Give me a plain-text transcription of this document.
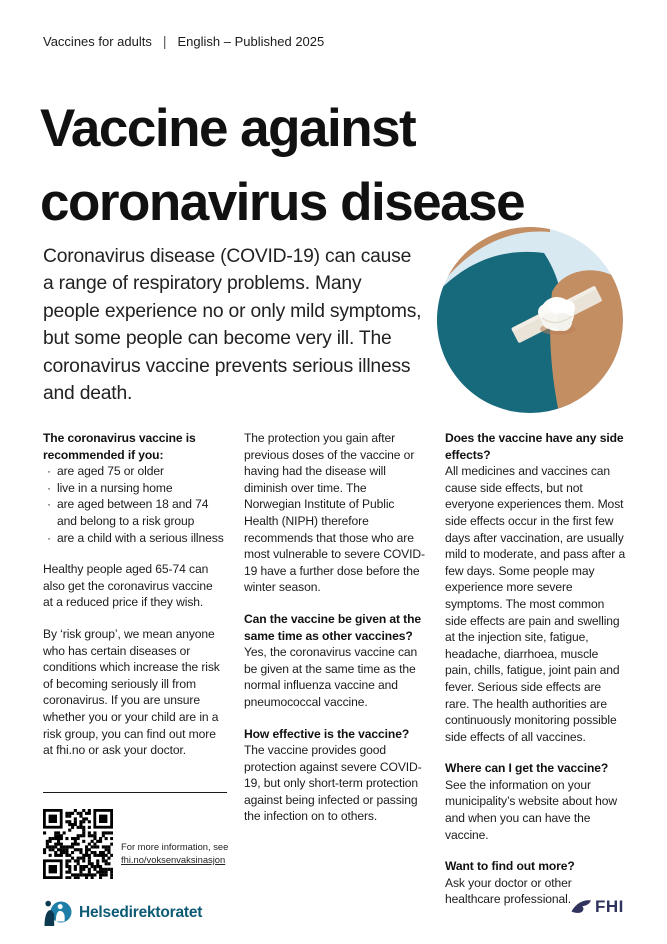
Vaccines for adults | English – Published 2025
Vaccine against
coronavirus disease

Coronavirus disease (COVID-19) can cause a range of respiratory problems. Many people experience no or only mild symptoms, but some people can become very ill. The coronavirus vaccine prevents serious illness and death.

The coronavirus vaccine is recommended if you:
· are aged 75 or older
· live in a nursing home
· are aged between 18 and 74 and belong to a risk group
· are a child with a serious illness

Healthy people aged 65-74 can also get the coronavirus vaccine at a reduced price if they wish.

By ‘risk group’, we mean anyone who has certain diseases or conditions which increase the risk of becoming seriously ill from coronavirus. If you are unsure whether you or your child are in a risk group, you can find out more at fhi.no or ask your doctor.

The protection you gain after previous doses of the vaccine or having had the disease will diminish over time. The Norwegian Institute of Public Health (NIPH) therefore recommends that those who are most vulnerable to severe COVID-19 have a further dose before the winter season.

Can the vaccine be given at the same time as other vaccines?

Yes, the coronavirus vaccine can be given at the same time as the normal influenza vaccine and pneumococcal vaccine.

How effective is the vaccine?

The vaccine provides good protection against severe COVID-19, but only short-term protection against being infected or passing the infection on to others.

Does the vaccine have any side effects?

All medicines and vaccines can cause side effects, but not everyone experiences them. Most side effects occur in the first few days after vaccination, are usually mild to moderate, and pass after a few days. Some people may experience more severe symptoms. The most common side effects are pain and swelling at the injection site, fatigue, headache, diarrhoea, muscle pain, chills, fatigue, joint pain and fever. Serious side effects are rare. The health authorities are continuously monitoring possible side effects of all vaccines.

Where can I get the vaccine?

See the information on your municipality’s website about how and when you can have the vaccine.

Want to find out more?

Ask your doctor or other healthcare professional.

For more information, see
fhi.no/voksenvaksinasjon
Helsedirektoratet	FHI
